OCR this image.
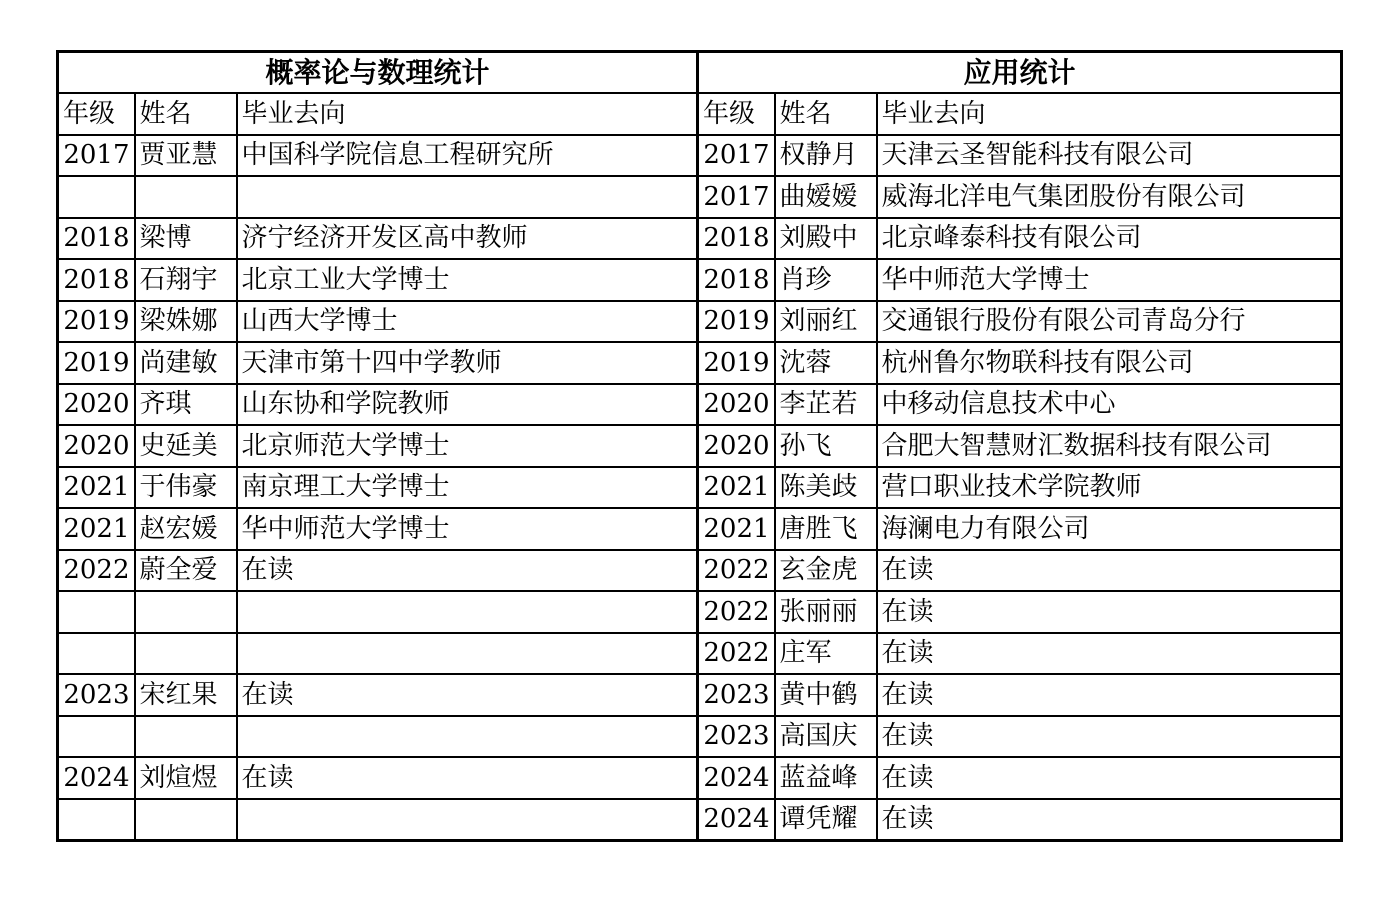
概率论与数理统计			应用统计		
年级	姓名	毕业去向	年级	姓名	毕业去向
2017	贾亚慧	中国科学院信息工程研究所	2017	权静月	天津云圣智能科技有限公司
			2017	曲嫒嫒	威海北洋电气集团股份有限公司
2018	梁博	济宁经济开发区高中教师	2018	刘殿中	北京峰泰科技有限公司
2018	石翔宇	北京工业大学博士	2018	肖珍	华中师范大学博士
2019	梁姝娜	山西大学博士	2019	刘丽红	交通银行股份有限公司青岛分行
2019	尚建敏	天津市第十四中学教师	2019	沈蓉	杭州鲁尔物联科技有限公司
2020	齐琪	山东协和学院教师	2020	李芷若	中移动信息技术中心
2020	史延美	北京师范大学博士	2020	孙飞	合肥大智慧财汇数据科技有限公司
2021	于伟豪	南京理工大学博士	2021	陈美歧	营口职业技术学院教师
2021	赵宏媛	华中师范大学博士	2021	唐胜飞	海澜电力有限公司
2022	蔚全爱	在读	2022	玄金虎	在读
			2022	张丽丽	在读
			2022	庄军	在读
2023	宋红果	在读	2023	黄中鹤	在读
			2023	高国庆	在读
2024	刘煊煜	在读	2024	蓝益峰	在读
			2024	谭凭耀	在读
